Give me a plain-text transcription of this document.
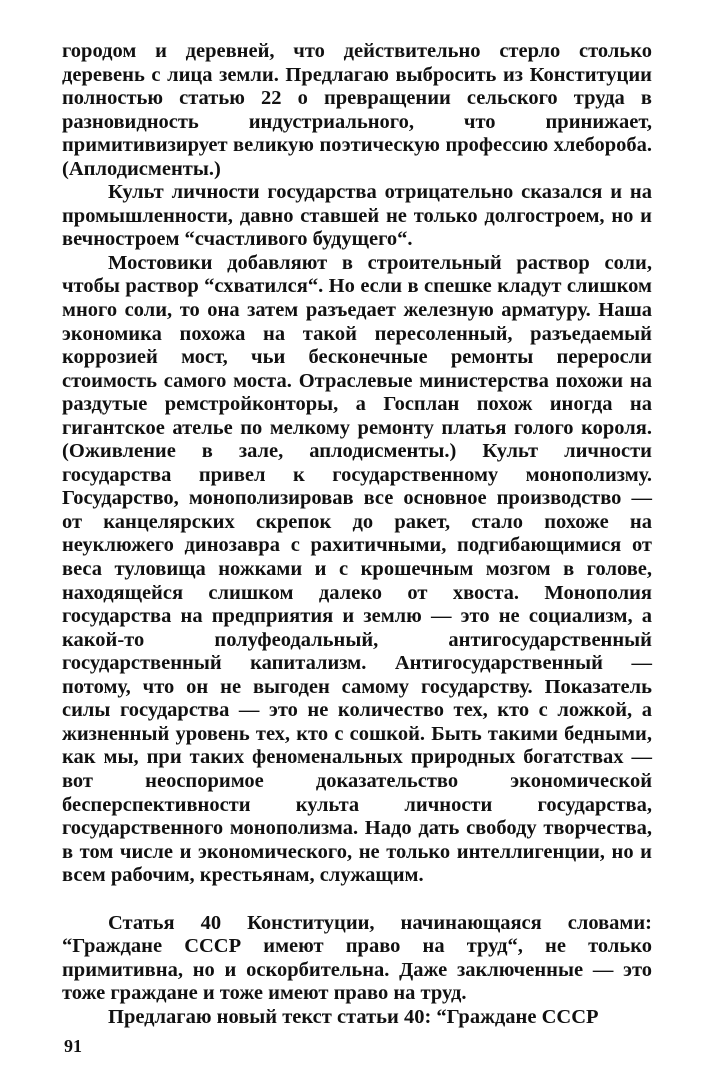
городом и деревней, что действительно стерло столько деревень с лица земли. Предлагаю выбросить из Конституции полностью статью 22 о превращении сельского труда в разновидность индустриального, что принижает, примитивизирует великую поэтическую профессию хлебороба. (Аплодисменты.)

Культ личности государства отрицательно сказался и на промышленности, давно ставшей не только долгостроем, но и вечностроем “счастливого будущего“.

Мостовики добавляют в строительный раствор соли, чтобы раствор “схватился“. Но если в спешке кладут слишком много соли, то она затем разъедает железную арматуру. Наша экономика похожа на такой пересоленный, разъедаемый коррозией мост, чьи бесконечные ремонты переросли стоимость самого моста. Отраслевые министерства похожи на раздутые ремстройконторы, а Госплан похож иногда на гигантское ателье по мелкому ремонту платья голого короля. (Оживление в зале, аплодисменты.) Культ личности государства привел к государственному монополизму. Государство, монополизировав все основное производство — от канцелярских скрепок до ракет, стало похоже на неуклюжего динозавра с рахитичными, подгибающимися от веса туловища ножками и с крошечным мозгом в голове, находящейся слишком далеко от хвоста. Монополия государства на предприятия и землю — это не социализм, а какой-то полуфеодальный, антигосударственный государственный капитализм. Антигосударственный — потому, что он не выгоден самому государству. Показатель силы государства — это не количество тех, кто с ложкой, а жизненный уровень тех, кто с сошкой. Быть такими бедными, как мы, при таких феноменальных природных богатствах — вот неоспоримое доказательство экономической бесперспективности культа личности государства, государственного монополизма. Надо дать свободу творчества, в том числе и экономического, не только интеллигенции, но и всем рабочим, крестьянам, служащим.

Статья 40 Конституции, начинающаяся словами: “Граждане СССР имеют право на труд“, не только примитивна, но и оскорбительна. Даже заключенные — это тоже граждане и тоже имеют право на труд.

Предлагаю новый текст статьи 40: “Граждане СССР

91
